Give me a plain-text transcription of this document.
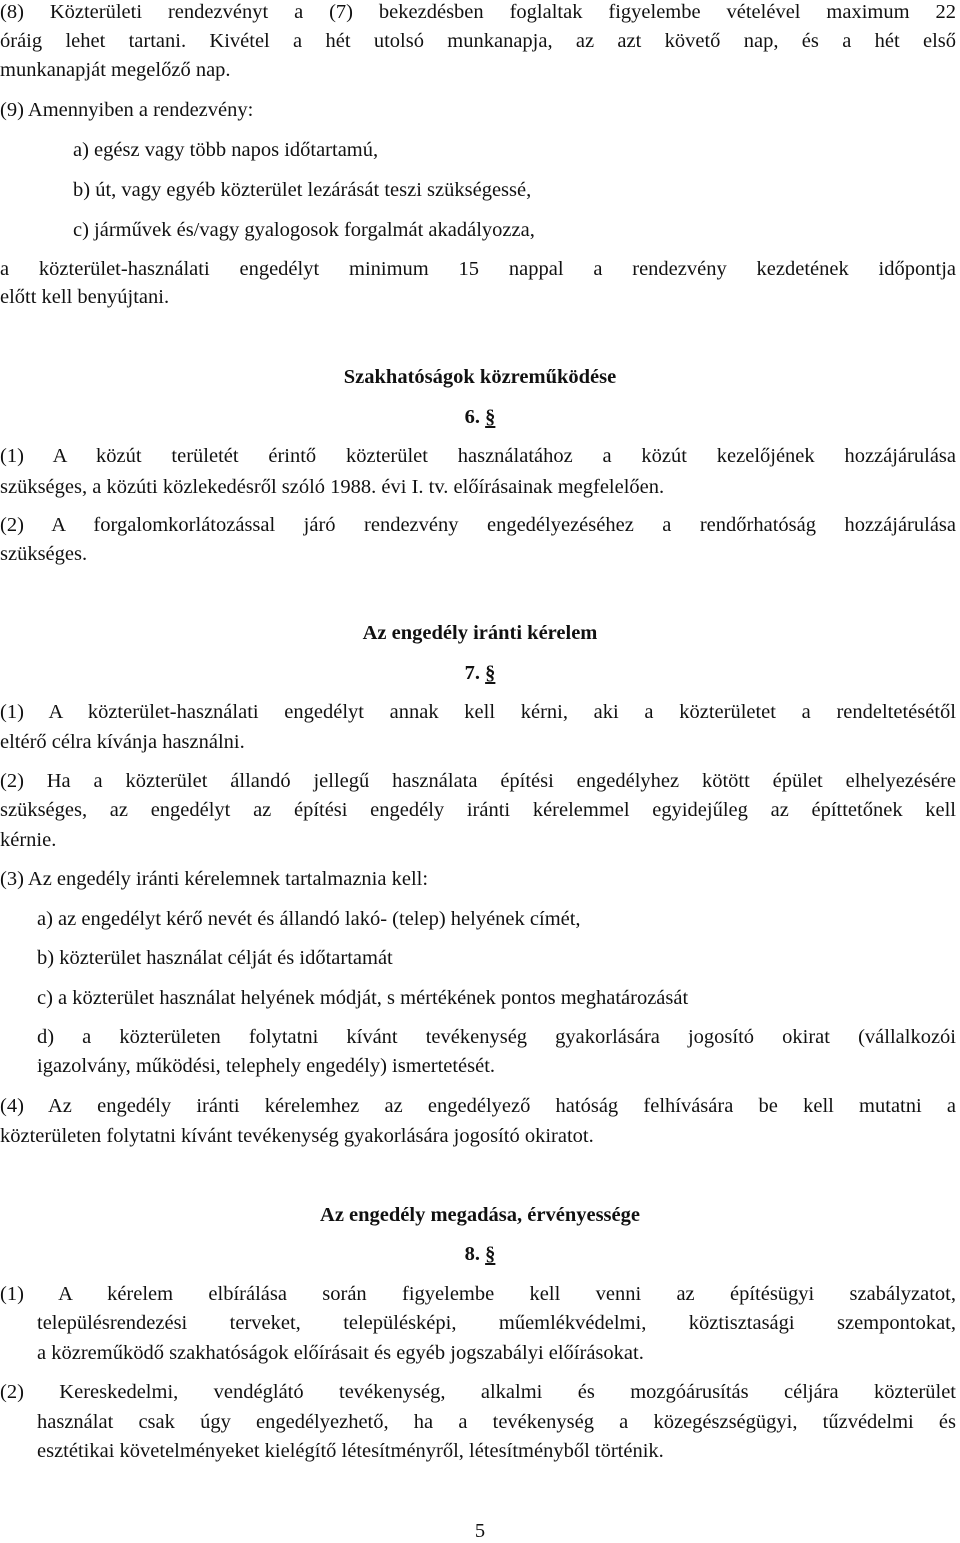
(8) Közterületi rendezvényt a (7) bekezdésben foglaltak figyelembe vételével maximum 22
óráig lehet tartani. Kivétel a hét utolsó munkanapja, az azt követő nap, és a hét első
munkanapját megelőző nap.
(9) Amennyiben a rendezvény:
a) egész vagy több napos időtartamú,
b) út, vagy egyéb közterület lezárását teszi szükségessé,
c) járművek és/vagy gyalogosok forgalmát akadályozza,
a közterület-használati engedélyt minimum 15 nappal a rendezvény kezdetének időpontja
előtt kell benyújtani.
Szakhatóságok közreműködése
6. §
(1) A közút területét érintő közterület használatához a közút kezelőjének hozzájárulása
szükséges, a közúti közlekedésről szóló 1988. évi I. tv. előírásainak megfelelően.
(2) A forgalomkorlátozással járó rendezvény engedélyezéséhez a rendőrhatóság hozzájárulása
szükséges.
Az engedély iránti kérelem
7. §
(1) A közterület-használati engedélyt annak kell kérni, aki a közterületet a rendeltetésétől
eltérő célra kívánja használni.
(2) Ha a közterület állandó jellegű használata építési engedélyhez kötött épület elhelyezésére
szükséges, az engedélyt az építési engedély iránti kérelemmel egyidejűleg az építtetőnek kell
kérnie.
(3) Az engedély iránti kérelemnek tartalmaznia kell:
a) az engedélyt kérő nevét és állandó lakó- (telep) helyének címét,
b) közterület használat célját és időtartamát
c) a közterület használat helyének módját, s mértékének pontos meghatározását
d) a közterületen folytatni kívánt tevékenység gyakorlására jogosító okirat (vállalkozói
igazolvány, működési, telephely engedély) ismertetését.
(4) Az engedély iránti kérelemhez az engedélyező hatóság felhívására be kell mutatni a
közterületen folytatni kívánt tevékenység gyakorlására jogosító okiratot.
Az engedély megadása, érvényessége
8. §
(1) A kérelem elbírálása során figyelembe kell venni az építésügyi szabályzatot,
településrendezési terveket, településképi, műemlékvédelmi, köztisztasági szempontokat,
a közreműködő szakhatóságok előírásait és egyéb jogszabályi előírásokat.
(2) Kereskedelmi, vendéglátó tevékenység, alkalmi és mozgóárusítás céljára közterület
használat csak úgy engedélyezhető, ha a tevékenység a közegészségügyi, tűzvédelmi és
esztétikai követelményeket kielégítő létesítményről, létesítményből történik.
5
